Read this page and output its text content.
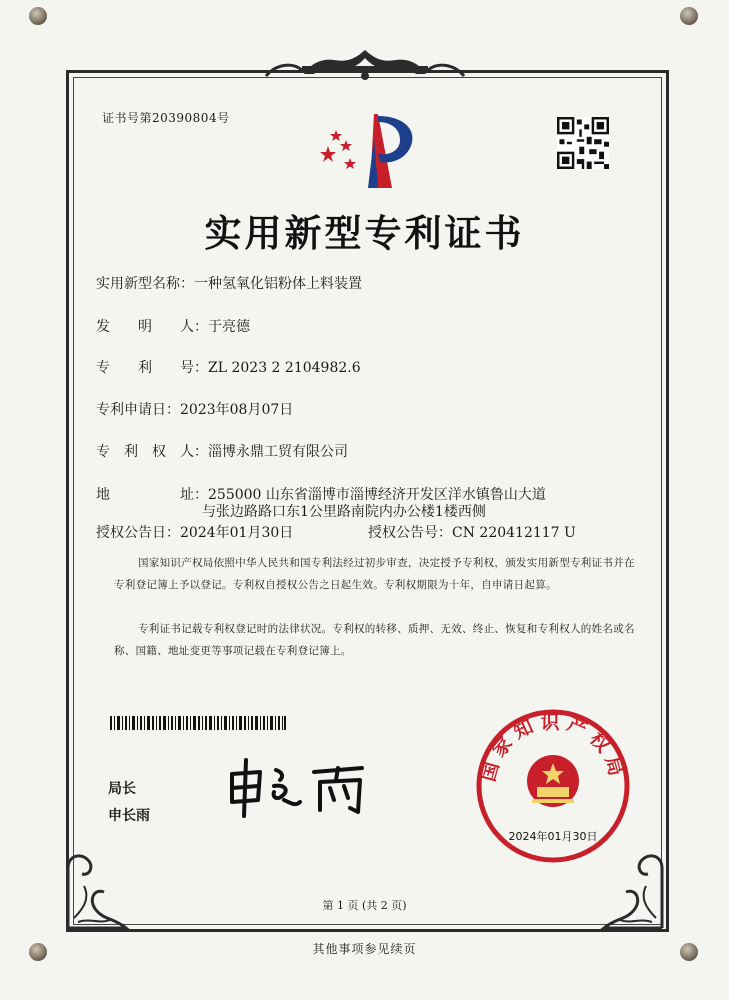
证书号第20390804号
实用新型专利证书
实用新型名称：一种氢氧化铝粉体上料装置
发　　明　　人：于亮德
专　　利　　号：ZL 2023 2 2104982.6
专利申请日：2023年08月07日
专　利　权　人：淄博永鼎工贸有限公司
地　　　　　址：255000 山东省淄博市淄博经济开发区洋水镇鲁山大道
与张边路路口东1公里路南院内办公楼1楼西侧
授权公告日：2024年01月30日	授权公告号：CN 220412117 U
国家知识产权局依照中华人民共和国专利法经过初步审查，决定授予专利权，颁发实用新型专利证书并在专利登记簿上予以登记。专利权自授权公告之日起生效。专利权期限为十年，自申请日起算。
专利证书记载专利权登记时的法律状况。专利权的转移、质押、无效、终止、恢复和专利权人的姓名或名称、国籍、地址变更等事项记载在专利登记簿上。
局长
申长雨
国家知识产权局
2024年01月30日
第 1 页 (共 2 页)
其他事项参见续页
